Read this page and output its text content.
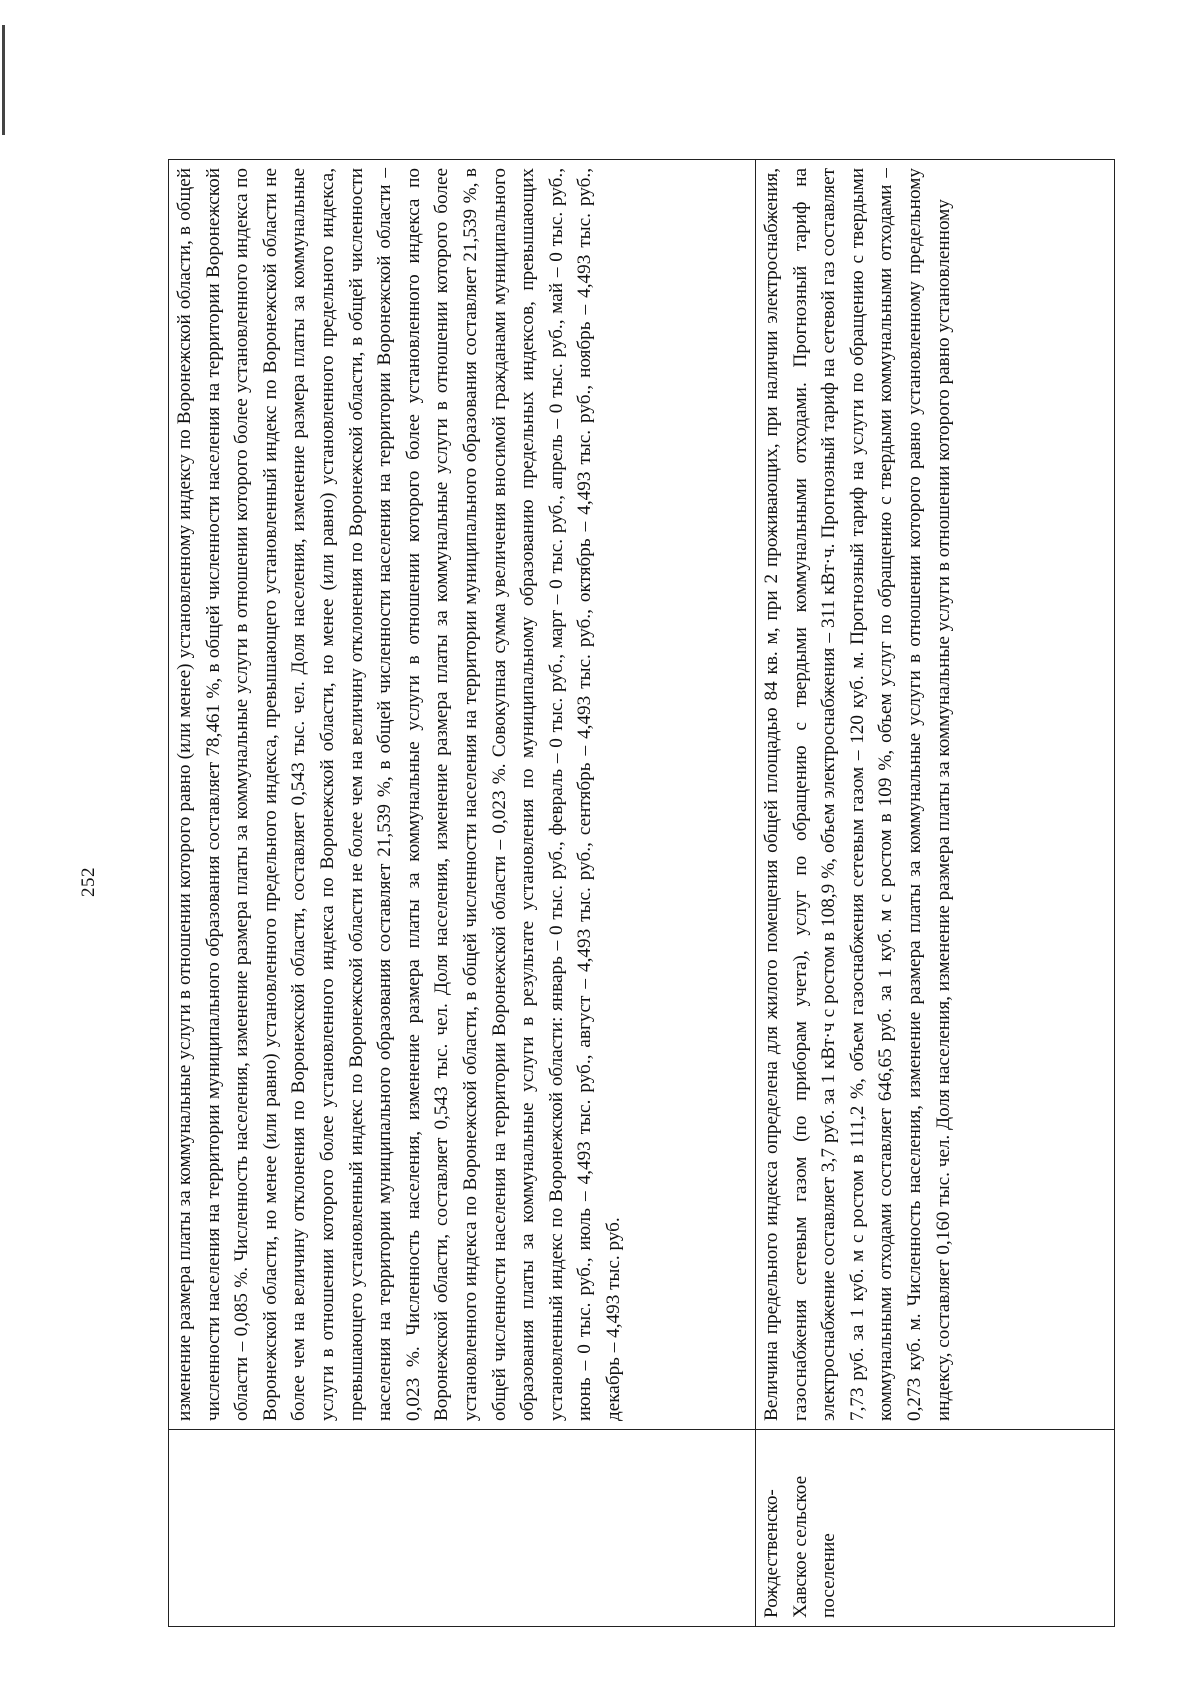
252
		изменение размера платы за коммунальные услуги в отношении которого равно (или менее) установленному индексу по Воронежской области, в общей численности населения на территории муниципального образования составляет 78,461 %, в общей численности населения на территории Воронежской области – 0,085 %. Численность населения, изменение размера платы за коммунальные услуги в отношении которого более установленного индекса по Воронежской области, но менее (или равно) установленного предельного индекса, превышающего установленный индекс по Воронежской области не более чем на величину отклонения по Воронежской области, составляет 0,543 тыс. чел. Доля населения, изменение размера платы за коммунальные услуги в отношении которого более установленного индекса по Воронежской области, но менее (или равно) установленного предельного индекса, превышающего установленный индекс по Воронежской области не более чем на величину отклонения по Воронежской области, в общей численности населения на территории муниципального образования составляет 21,539 %, в общей численности населения на территории Воронежской области – 0,023 %. Численность населения, изменение размера платы за коммунальные услуги в отношении которого более установленного индекса по Воронежской области, составляет 0,543 тыс. чел. Доля населения, изменение размера платы за коммунальные услуги в отношении которого более установленного индекса по Воронежской области, в общей численности населения на территории муниципального образования составляет 21,539 %, в общей численности населения на территории Воронежской области – 0,023 %. Совокупная сумма увеличения вносимой гражданами муниципального образования платы за коммунальные услуги в результате установления по муниципальному образованию предельных индексов, превышающих установленный индекс по Воронежской области: январь – 0 тыс. руб., февраль – 0 тыс. руб., март – 0 тыс. руб., апрель – 0 тыс. руб., май – 0 тыс. руб., июнь – 0 тыс. руб., июль – 4,493 тыс. руб., август – 4,493 тыс. руб., сентябрь – 4,493 тыс. руб., октябрь – 4,493 тыс. руб., ноябрь – 4,493 тыс. руб., декабрь – 4,493 тыс. руб.

Рождественско-Хавское сельское поселение	Величина предельного индекса определена для жилого помещения общей площадью 84 кв. м, при 2 проживающих, при наличии электроснабжения, газоснабжения сетевым газом (по приборам учета), услуг по обращению с твердыми коммунальными отходами. Прогнозный тариф на электроснабжение составляет 3,7 руб. за 1 кВт·ч с ростом в 108,9 %, объем электроснабжения – 311 кВт·ч. Прогнозный тариф на сетевой газ составляет 7,73 руб. за 1 куб. м с ростом в 111,2 %, объем газоснабжения сетевым газом – 120 куб. м. Прогнозный тариф на услуги по обращению с твердыми коммунальными отходами составляет 646,65 руб. за 1 куб. м с ростом в 109 %, объем услуг по обращению с твердыми коммунальными отходами – 0,273 куб. м. Численность населения, изменение размера платы за коммунальные услуги в отношении которого равно установленному предельному индексу, составляет 0,160 тыс. чел. Доля населения, изменение размера платы за коммунальные услуги в отношении которого равно установленному
